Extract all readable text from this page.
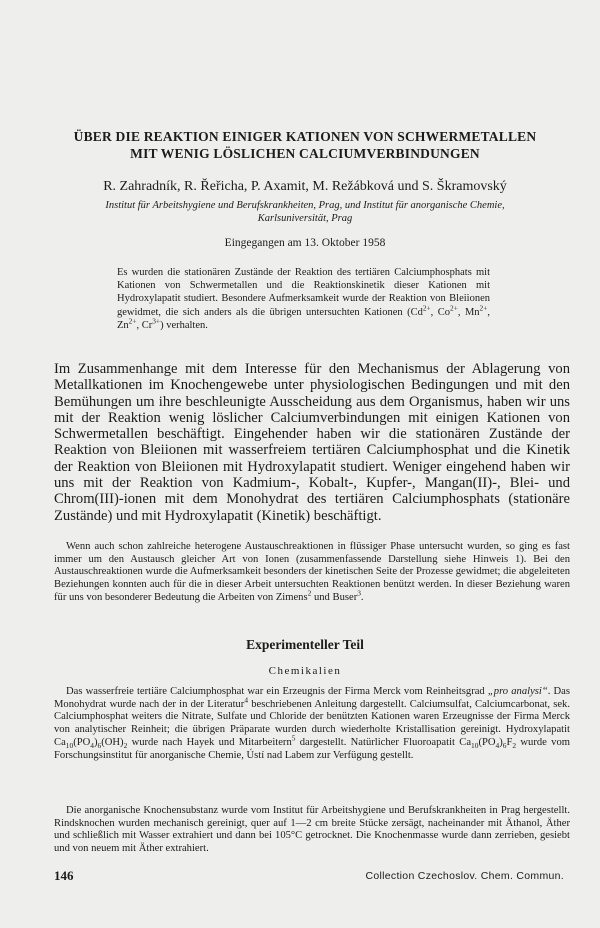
ÜBER DIE REAKTION EINIGER KATIONEN VON SCHWERMETALLEN
MIT WENIG LÖSLICHEN CALCIUMVERBINDUNGEN
R. Zahradník, R. Řeřicha, P. Axamit, M. Režábková und S. Škramovský
Institut für Arbeitshygiene und Berufskrankheiten, Prag, und Institut für anorganische Chemie,
Karlsuniversität, Prag
Eingegangen am 13. Oktober 1958

Es wurden die stationären Zustände der Reaktion des tertiären Calciumphosphats mit Kationen von Schwermetallen und die Reaktionskinetik dieser Kationen mit Hydroxylapatit studiert. Besondere Aufmerksamkeit wurde der Reaktion von Bleiionen gewidmet, die sich anders als die übrigen untersuchten Kationen ($Cd^{2+}$, $Co^{2+}$, $Mn^{2+}$, $Zn^{2+}$, $Cr^{3+}$) verhalten.

Im Zusammenhange mit dem Interesse für den Mechanismus der Ablagerung von Metallkationen im Knochengewebe unter physiologischen Bedingungen und mit den Bemühungen um ihre beschleunigte Ausscheidung aus dem Organismus, haben wir uns mit der Reaktion wenig löslicher Calciumverbindungen mit einigen Kationen von Schwermetallen beschäftigt. Eingehender haben wir die stationären Zustände der Reaktion von Bleiionen mit wasserfreiem tertiären Calciumphosphat und die Kinetik der Reaktion von Bleiionen mit Hydroxylapatit studiert. Weniger eingehend haben wir uns mit der Reaktion von Kadmium-, Kobalt-, Kupfer-, Mangan(II)-, Blei- und Chrom(III)-ionen mit dem Monohydrat des tertiären Calciumphosphats (stationäre Zustände) und mit Hydroxylapatit (Kinetik) beschäftigt.

Wenn auch schon zahlreiche heterogene Austauschreaktionen in flüssiger Phase untersucht wurden, so ging es fast immer um den Austausch gleicher Art von Ionen (zusammenfassende Darstellung siehe Hinweis 1). Bei den Austauschreaktionen wurde die Aufmerksamkeit besonders der kinetischen Seite der Prozesse gewidmet; die abgeleiteten Beziehungen konnten auch für die in dieser Arbeit untersuchten Reaktionen benützt werden. In dieser Beziehung waren für uns von besonderer Bedeutung die Arbeiten von Zimens$^2$ und Buser$^3$.

Experimenteller Teil
Chemikalien

Das wasserfreie tertiäre Calciumphosphat war ein Erzeugnis der Firma Merck vom Reinheitsgrad „pro analysi“. Das Monohydrat wurde nach der in der Literatur$^4$ beschriebenen Anleitung dargestellt. Calciumsulfat, Calciumcarbonat, sek. Calciumphosphat weiters die Nitrate, Sulfate und Chloride der benützten Kationen waren Erzeugnisse der Firma Merck von analytischer Reinheit; die übrigen Präparate wurden durch wiederholte Kristallisation gereinigt. Hydroxylapatit $Ca_{10}(PO_4)_6(OH)_2$ wurde nach Hayek und Mitarbeitern$^5$ dargestellt. Natürlicher Fluoroapatit $Ca_{10}(PO_4)_6F_2$ wurde vom Forschungsinstitut für anorganische Chemie, Ústí nad Labem zur Verfügung gestellt.

Die anorganische Knochensubstanz wurde vom Institut für Arbeitshygiene und Berufskrankheiten in Prag hergestellt. Rindsknochen wurden mechanisch gereinigt, quer auf 1—2 cm breite Stücke zersägt, nacheinander mit Äthanol, Äther und schließlich mit Wasser extrahiert und dann bei 105°C getrocknet. Die Knochenmasse wurde dann zerrieben, gesiebt und von neuem mit Äther extrahiert.

146	Collection Czechoslov. Chem. Commun.
